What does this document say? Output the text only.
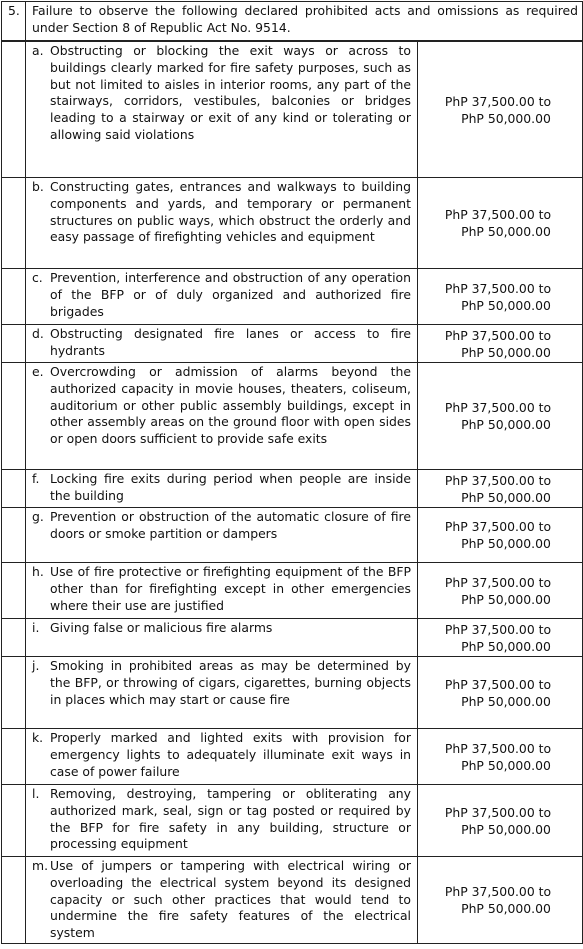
5.	Failure to observe the following declared prohibited acts and omissions as required under Section 8 of Republic Act No. 9514.

	a. Obstructing or blocking the exit ways or across to buildings clearly marked for fire safety purposes, such as but not limited to aisles in interior rooms, any part of the stairways, corridors, vestibules, balconies or bridges leading to a stairway or exit of any kind or tolerating or allowing said violations	PhP 37,500.00 to
PhP 50,000.00

	b. Constructing gates, entrances and walkways to building components and yards, and temporary or permanent structures on public ways, which obstruct the orderly and easy passage of firefighting vehicles and equipment	PhP 37,500.00 to
PhP 50,000.00

	c. Prevention, interference and obstruction of any operation of the BFP or of duly organized and authorized fire brigades	PhP 37,500.00 to
PhP 50,000.00

	d. Obstructing designated fire lanes or access to fire hydrants	PhP 37,500.00 to
PhP 50,000.00

	e. Overcrowding or admission of alarms beyond the authorized capacity in movie houses, theaters, coliseum, auditorium or other public assembly buildings, except in other assembly areas on the ground floor with open sides or open doors sufficient to provide safe exits	PhP 37,500.00 to
PhP 50,000.00

	f. Locking fire exits during period when people are inside the building	PhP 37,500.00 to
PhP 50,000.00

	g. Prevention or obstruction of the automatic closure of fire doors or smoke partition or dampers	PhP 37,500.00 to
PhP 50,000.00

	h. Use of fire protective or firefighting equipment of the BFP other than for firefighting except in other emergencies where their use are justified	PhP 37,500.00 to
PhP 50,000.00

	i. Giving false or malicious fire alarms	PhP 37,500.00 to
PhP 50,000.00

	j. Smoking in prohibited areas as may be determined by the BFP, or throwing of cigars, cigarettes, burning objects in places which may start or cause fire	PhP 37,500.00 to
PhP 50,000.00

	k. Properly marked and lighted exits with provision for emergency lights to adequately illuminate exit ways in case of power failure	PhP 37,500.00 to
PhP 50,000.00

	l. Removing, destroying, tampering or obliterating any authorized mark, seal, sign or tag posted or required by the BFP for fire safety in any building, structure or processing equipment	PhP 37,500.00 to
PhP 50,000.00

	m. Use of jumpers or tampering with electrical wiring or overloading the electrical system beyond its designed capacity or such other practices that would tend to undermine the fire safety features of the electrical system	PhP 37,500.00 to
PhP 50,000.00
